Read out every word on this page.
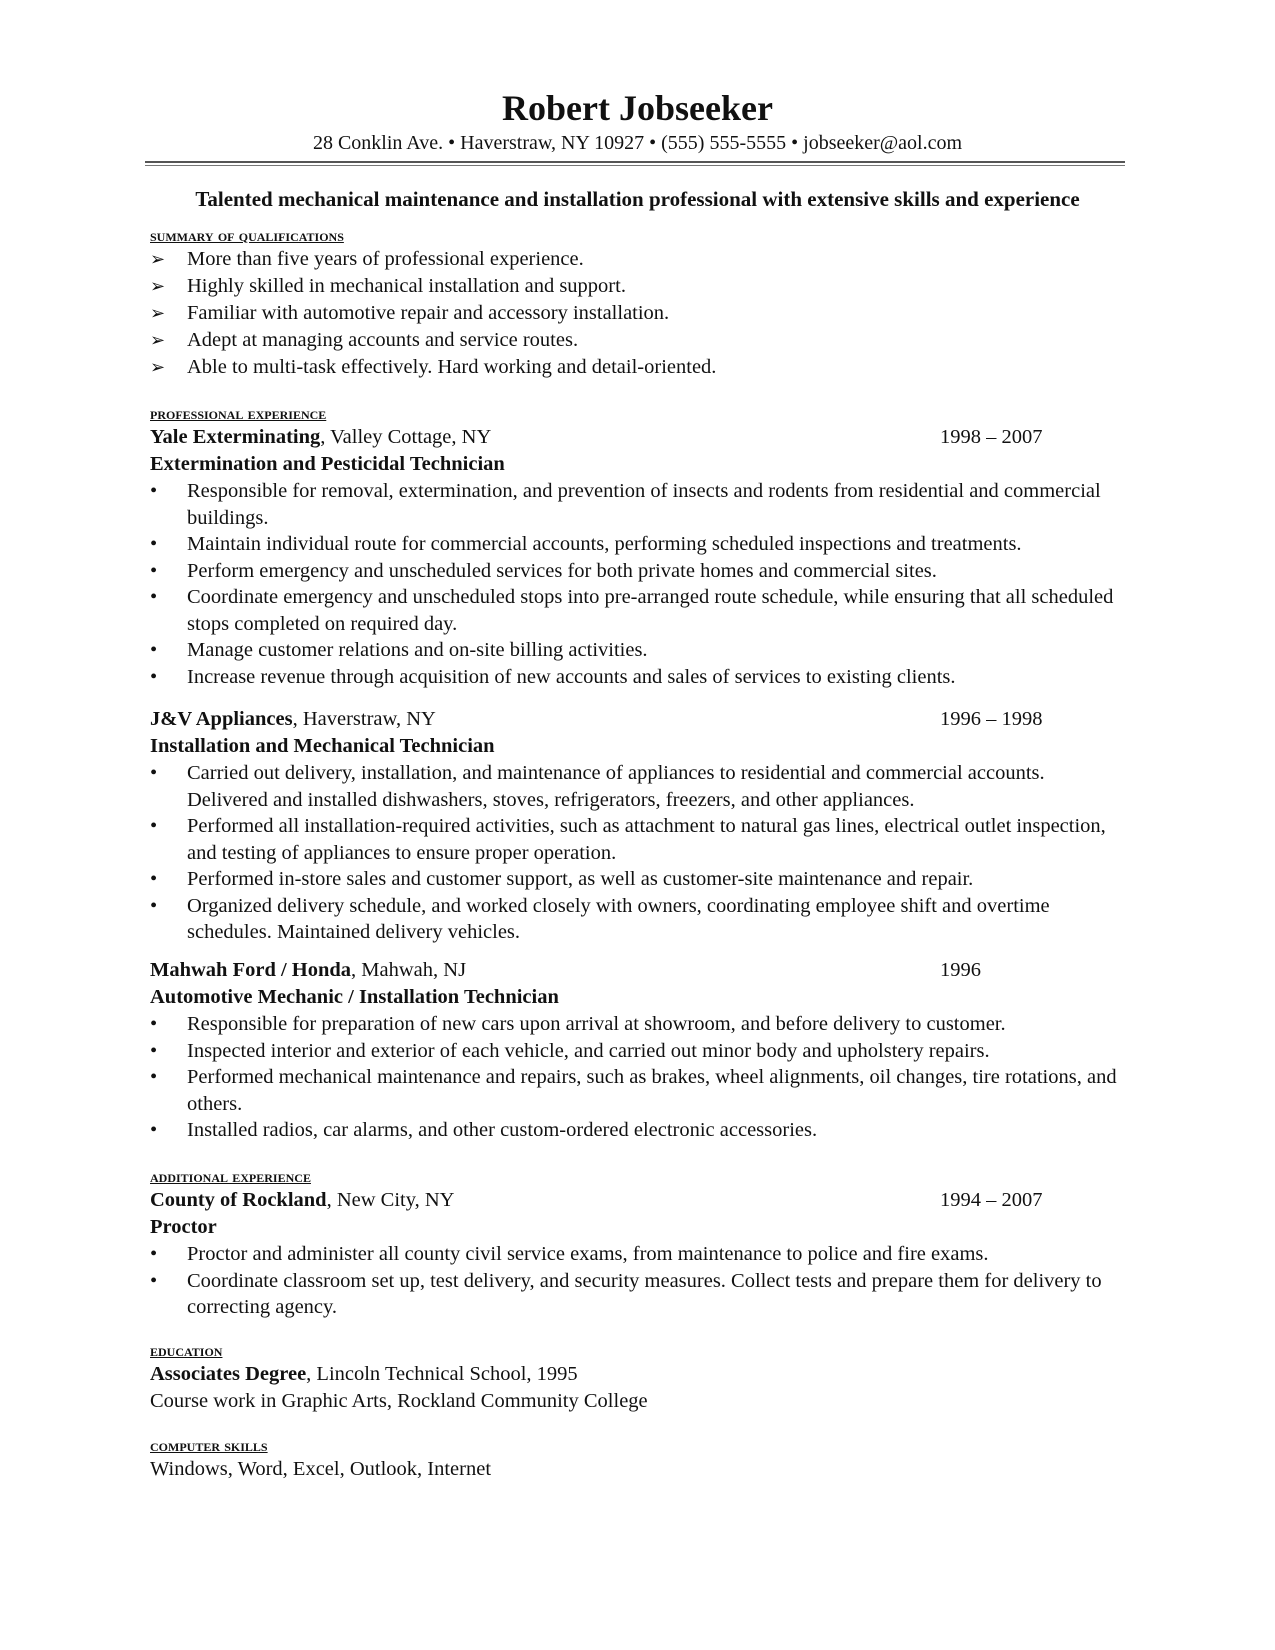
Robert Jobseeker
28 Conklin Ave. • Haverstraw, NY 10927 • (555) 555-5555 • jobseeker@aol.com
Talented mechanical maintenance and installation professional with extensive skills and experience
summary of qualifications
➢	More than five years of professional experience.
➢	Highly skilled in mechanical installation and support.
➢	Familiar with automotive repair and accessory installation.
➢	Adept at managing accounts and service routes.
➢	Able to multi-task effectively. Hard working and detail-oriented.
professional experience
Yale Exterminating, Valley Cottage, NY	1998 – 2007
Extermination and Pesticidal Technician
•	Responsible for removal, extermination, and prevention of insects and rodents from residential and commercial buildings.
•	Maintain individual route for commercial accounts, performing scheduled inspections and treatments.
•	Perform emergency and unscheduled services for both private homes and commercial sites.
•	Coordinate emergency and unscheduled stops into pre-arranged route schedule, while ensuring that all scheduled stops completed on required day.
•	Manage customer relations and on-site billing activities.
•	Increase revenue through acquisition of new accounts and sales of services to existing clients.
J&V Appliances, Haverstraw, NY	1996 – 1998
Installation and Mechanical Technician
•	Carried out delivery, installation, and maintenance of appliances to residential and commercial accounts. Delivered and installed dishwashers, stoves, refrigerators, freezers, and other appliances.
•	Performed all installation-required activities, such as attachment to natural gas lines, electrical outlet inspection, and testing of appliances to ensure proper operation.
•	Performed in-store sales and customer support, as well as customer-site maintenance and repair.
•	Organized delivery schedule, and worked closely with owners, coordinating employee shift and overtime schedules. Maintained delivery vehicles.
Mahwah Ford / Honda, Mahwah, NJ	1996
Automotive Mechanic / Installation Technician
•	Responsible for preparation of new cars upon arrival at showroom, and before delivery to customer.
•	Inspected interior and exterior of each vehicle, and carried out minor body and upholstery repairs.
•	Performed mechanical maintenance and repairs, such as brakes, wheel alignments, oil changes, tire rotations, and others.
•	Installed radios, car alarms, and other custom-ordered electronic accessories.
additional experience
County of Rockland, New City, NY	1994 – 2007
Proctor
•	Proctor and administer all county civil service exams, from maintenance to police and fire exams.
•	Coordinate classroom set up, test delivery, and security measures. Collect tests and prepare them for delivery to correcting agency.
education
Associates Degree, Lincoln Technical School, 1995
Course work in Graphic Arts, Rockland Community College
computer skills
Windows, Word, Excel, Outlook, Internet
